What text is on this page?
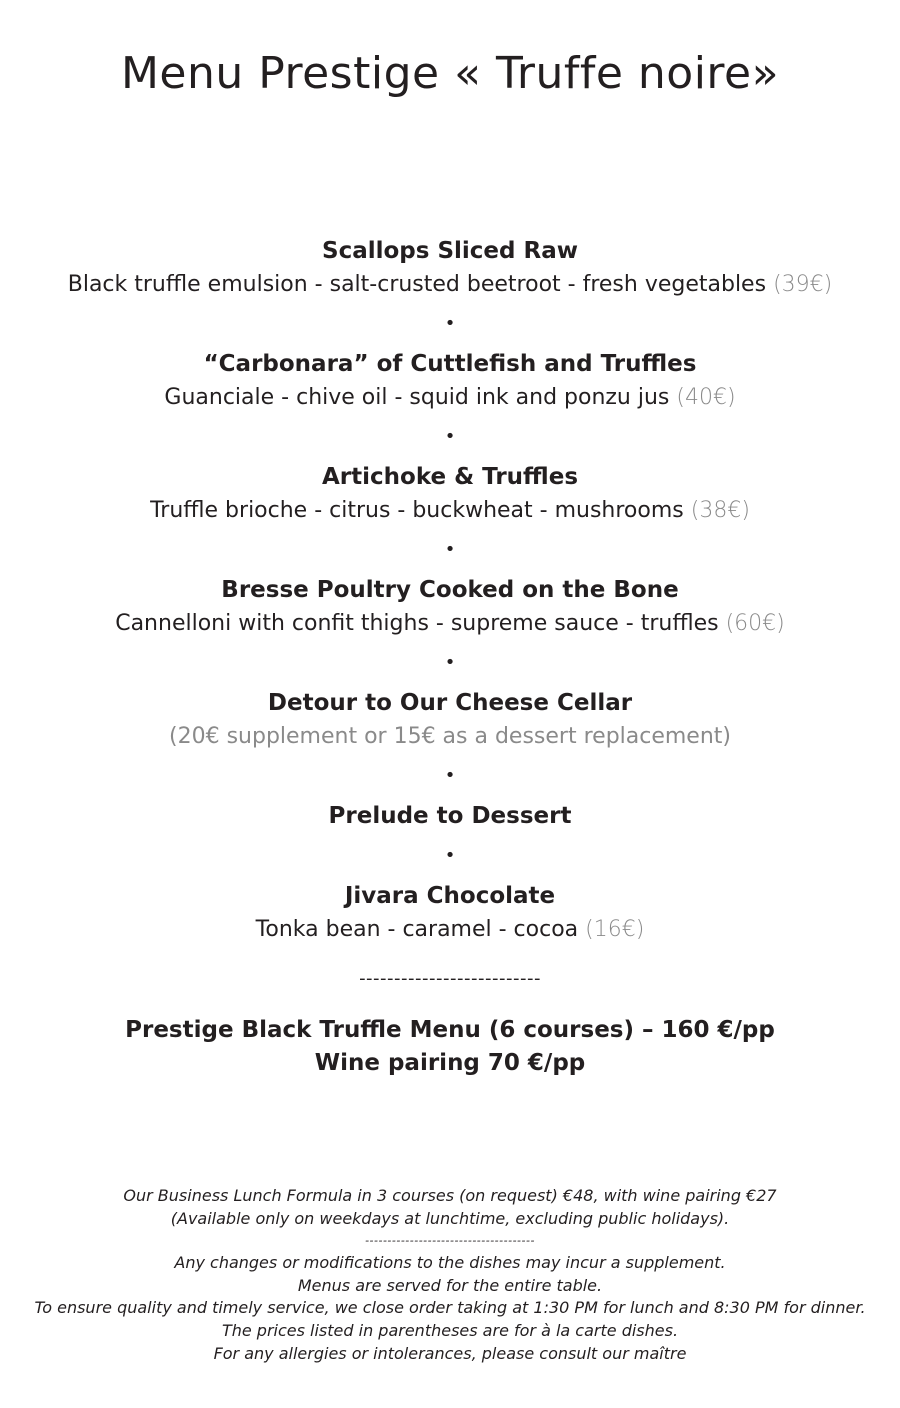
Menu Prestige « Truffe noire»
Scallops Sliced Raw
Black truffle emulsion - salt-crusted beetroot - fresh vegetables (39€)
•
“Carbonara” of Cuttlefish and Truffles
Guanciale - chive oil - squid ink and ponzu jus (40€)
•
Artichoke & Truffles
Truffle brioche - citrus - buckwheat - mushrooms (38€)
•
Bresse Poultry Cooked on the Bone
Cannelloni with confit thighs - supreme sauce - truffles (60€)
•
Detour to Our Cheese Cellar
(20€ supplement or 15€ as a dessert replacement)
•
Prelude to Dessert
•
Jivara Chocolate
Tonka bean - caramel - cocoa (16€)
--------------------------
Prestige Black Truffle Menu (6 courses) – 160 €/pp
Wine pairing 70 €/pp
Our Business Lunch Formula in 3 courses (on request) €48, with wine pairing €27
(Available only on weekdays at lunchtime, excluding public holidays).
--------------------------------------
Any changes or modifications to the dishes may incur a supplement.
Menus are served for the entire table.
To ensure quality and timely service, we close order taking at 1:30 PM for lunch and 8:30 PM for dinner.
The prices listed in parentheses are for à la carte dishes.
For any allergies or intolerances, please consult our maître
